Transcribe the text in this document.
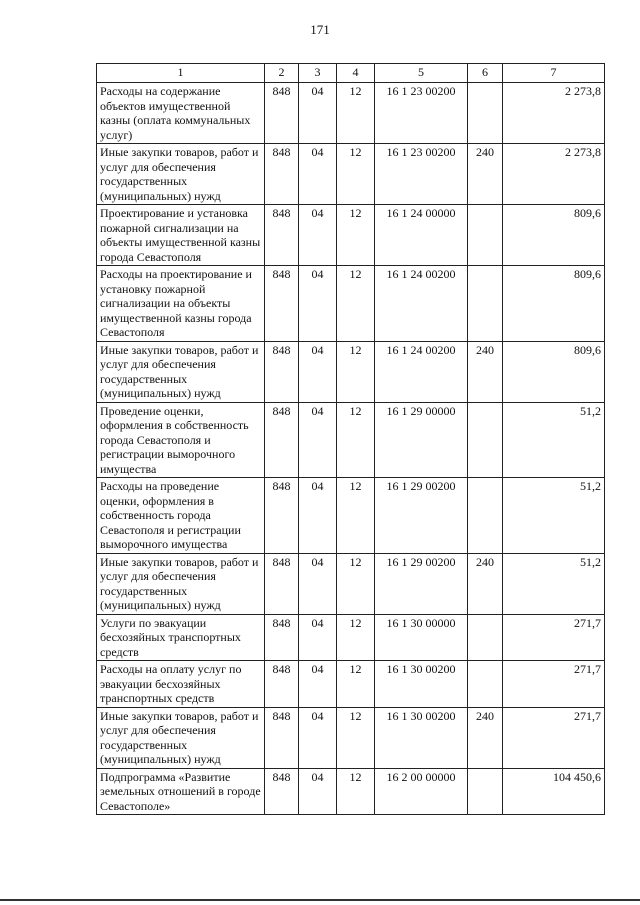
171
1	2	3	4	5	6	7
Расходы на содержание объектов имущественной казны (оплата коммунальных услуг)	848	04	12	16 1 23 00200		2 273,8
Иные закупки товаров, работ и услуг для обеспечения государственных (муниципальных) нужд	848	04	12	16 1 23 00200	240	2 273,8
Проектирование и установка пожарной сигнализации на объекты имущественной казны города Севастополя	848	04	12	16 1 24 00000		809,6
Расходы на проектирование и установку пожарной сигнализации на объекты имущественной казны города Севастополя	848	04	12	16 1 24 00200		809,6
Иные закупки товаров, работ и услуг для обеспечения государственных (муниципальных) нужд	848	04	12	16 1 24 00200	240	809,6
Проведение оценки, оформления в собственность города Севастополя и регистрации выморочного имущества	848	04	12	16 1 29 00000		51,2
Расходы на проведение оценки, оформления в собственность города Севастополя и регистрации выморочного имущества	848	04	12	16 1 29 00200		51,2
Иные закупки товаров, работ и услуг для обеспечения государственных (муниципальных) нужд	848	04	12	16 1 29 00200	240	51,2
Услуги по эвакуации бесхозяйных транспортных средств	848	04	12	16 1 30 00000		271,7
Расходы на оплату услуг по эвакуации бесхозяйных транспортных средств	848	04	12	16 1 30 00200		271,7
Иные закупки товаров, работ и услуг для обеспечения государственных (муниципальных) нужд	848	04	12	16 1 30 00200	240	271,7
Подпрограмма «Развитие земельных отношений в городе Севастополе»	848	04	12	16 2 00 00000		104 450,6
